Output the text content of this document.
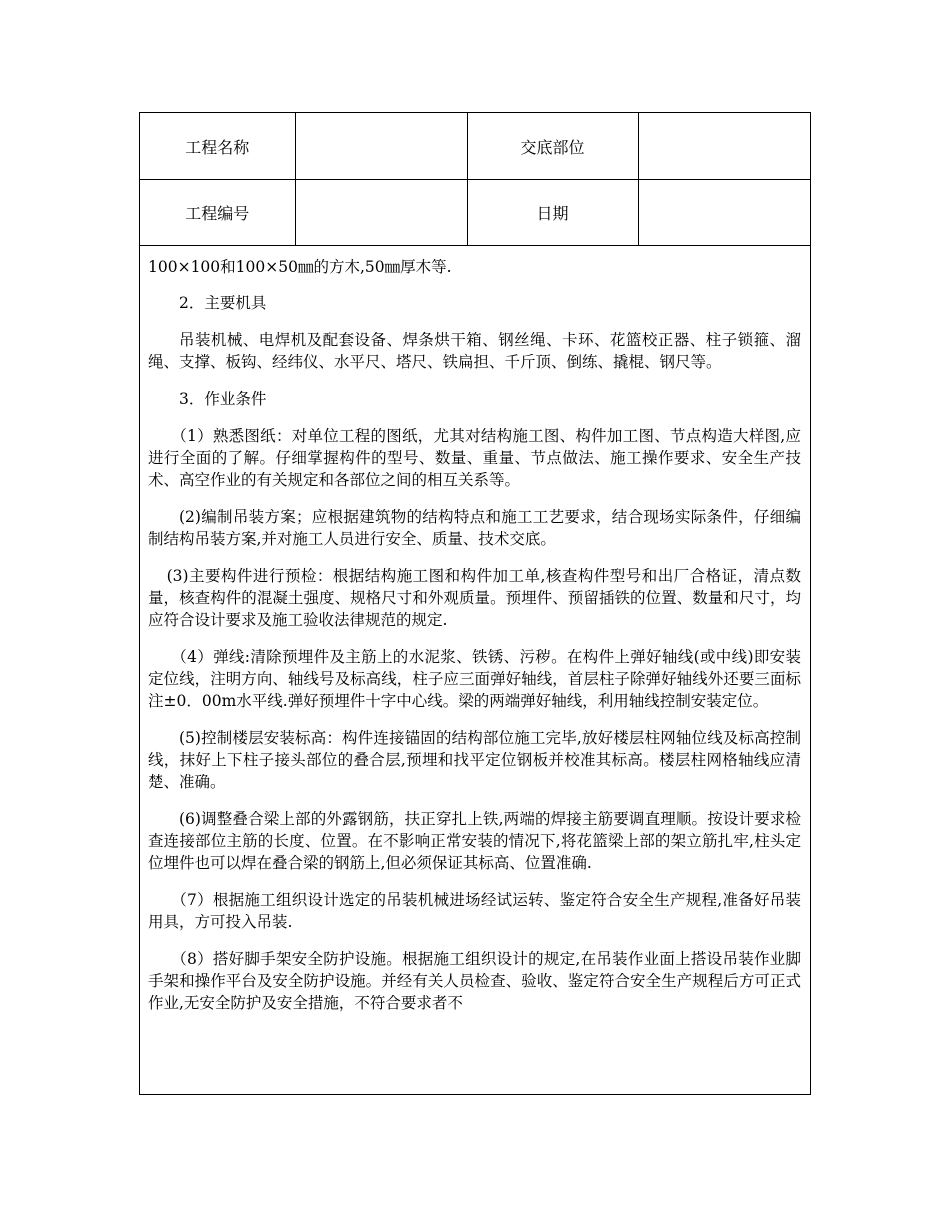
工程名称		交底部位	
工程编号		日期	

100×100和100×50㎜的方木,50㎜厚木等.

2．主要机具

吊装机械、电焊机及配套设备、焊条烘干箱、钢丝绳、卡环、花篮校正器、柱子锁箍、溜绳、支撑、板钩、经纬仪、水平尺、塔尺、铁扁担、千斤顶、倒练、撬棍、钢尺等。

3．作业条件

（1）熟悉图纸：对单位工程的图纸，尤其对结构施工图、构件加工图、节点构造大样图,应进行全面的了解。仔细掌握构件的型号、数量、重量、节点做法、施工操作要求、安全生产技术、高空作业的有关规定和各部位之间的相互关系等。

(2)编制吊装方案；应根据建筑物的结构特点和施工工艺要求，结合现场实际条件，仔细编制结构吊装方案,并对施工人员进行安全、质量、技术交底。

(3)主要构件进行预检：根据结构施工图和构件加工单,核查构件型号和出厂合格证，清点数量，核查构件的混凝土强度、规格尺寸和外观质量。预埋件、预留插铁的位置、数量和尺寸，均应符合设计要求及施工验收法律规范的规定.

（4）弹线:清除预埋件及主筋上的水泥浆、铁锈、污秽。在构件上弹好轴线(或中线)即安装定位线，注明方向、轴线号及标高线，柱子应三面弹好轴线，首层柱子除弹好轴线外还要三面标注±0．00m水平线.弹好预埋件十字中心线。梁的两端弹好轴线，利用轴线控制安装定位。

(5)控制楼层安装标高：构件连接锚固的结构部位施工完毕,放好楼层柱网轴位线及标高控制线，抹好上下柱子接头部位的叠合层,预埋和找平定位钢板并校准其标高。楼层柱网格轴线应清楚、准确。

(6)调整叠合梁上部的外露钢筋，扶正穿扎上铁,两端的焊接主筋要调直理顺。按设计要求检查连接部位主筋的长度、位置。在不影响正常安装的情况下,将花篮梁上部的架立筋扎牢,柱头定位埋件也可以焊在叠合梁的钢筋上,但必须保证其标高、位置准确.

（7）根据施工组织设计选定的吊装机械进场经试运转、鉴定符合安全生产规程,准备好吊装用具，方可投入吊装.

（8）搭好脚手架安全防护设施。根据施工组织设计的规定,在吊装作业面上搭设吊装作业脚手架和操作平台及安全防护设施。并经有关人员检查、验收、鉴定符合安全生产规程后方可正式作业,无安全防护及安全措施，不符合要求者不
